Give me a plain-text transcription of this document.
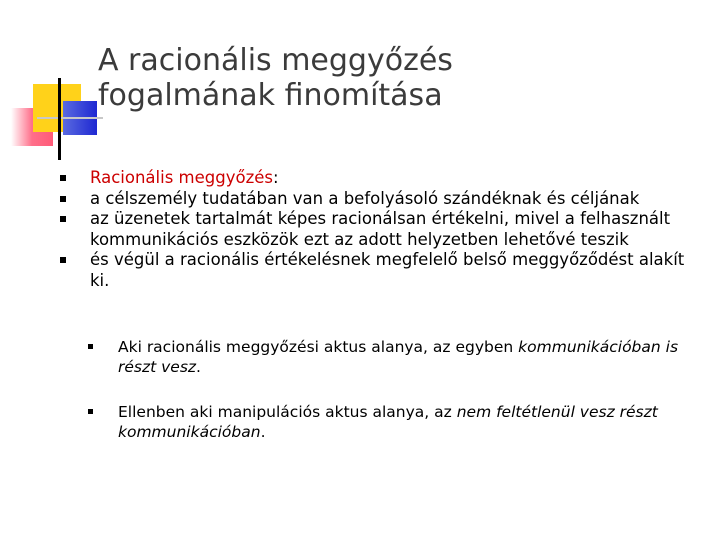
A racionális meggyőzés
fogalmának finomítása
Racionális meggyőzés:
a célszemély tudatában van a befolyásoló szándéknak és céljának
az üzenetek tartalmát képes racionálsan értékelni, mivel a felhasznált kommunikációs eszközök ezt az adott helyzetben lehetővé teszik
és végül a racionális értékelésnek megfelelő belső meggyőződést alakít ki.
Aki racionális meggyőzési aktus alanya, az egyben kommunikációban is részt vesz.
Ellenben aki manipulációs aktus alanya, az nem feltétlenül vesz részt kommunikációban.
